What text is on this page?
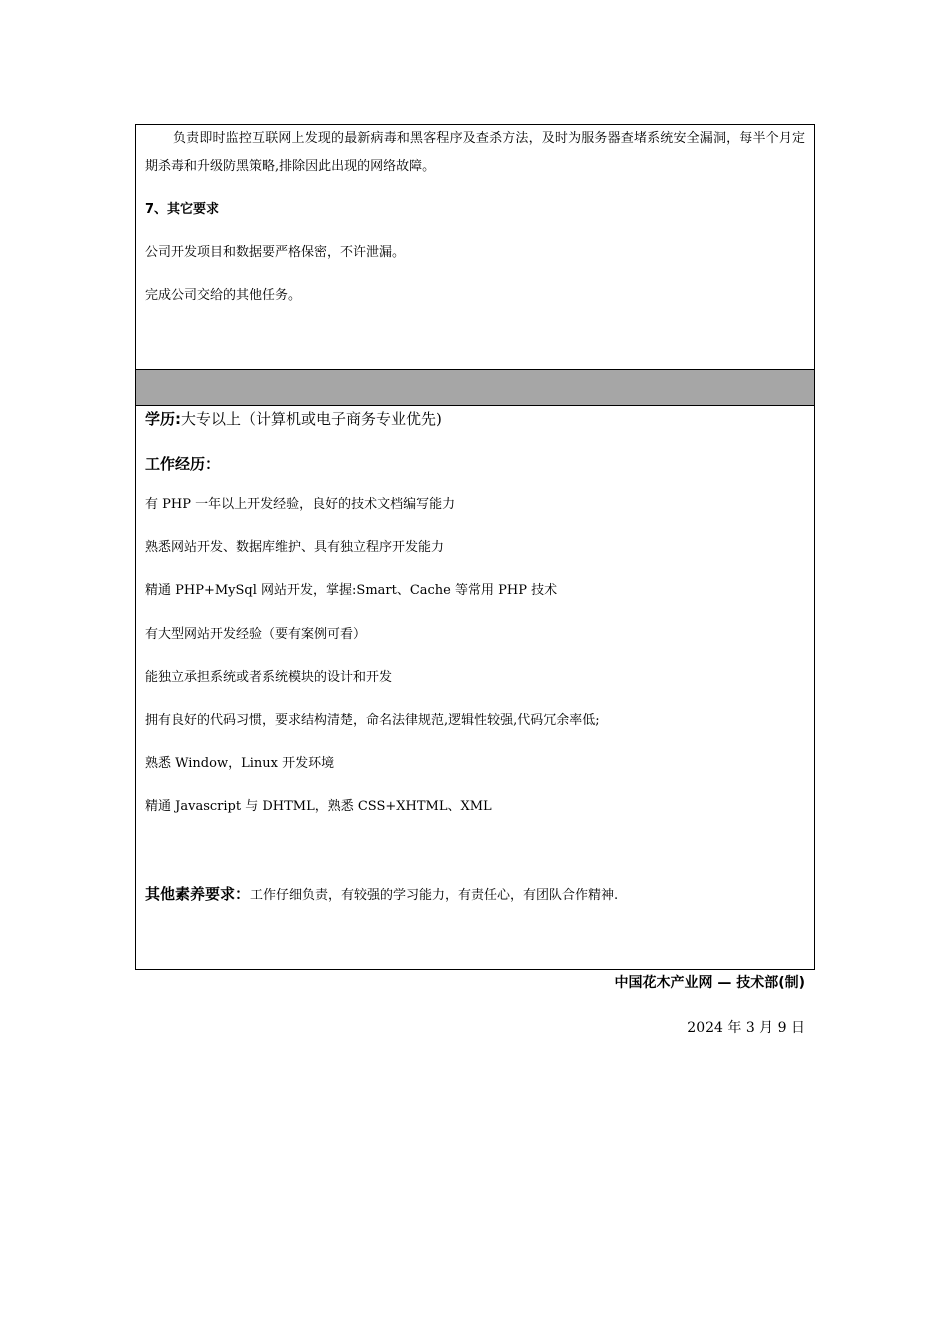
负责即时监控互联网上发现的最新病毒和黑客程序及查杀方法，及时为服务器查堵系统安全漏洞，每半个月定期杀毒和升级防黑策略,排除因此出现的网络故障。
7、其它要求
公司开发项目和数据要严格保密，不许泄漏。
完成公司交给的其他任务。
学历:大专以上（计算机或电子商务专业优先)
工作经历：
有 PHP 一年以上开发经验，良好的技术文档编写能力
熟悉网站开发、数据库维护、具有独立程序开发能力
精通 PHP+MySql 网站开发，掌握:Smart、Cache 等常用 PHP 技术
有大型网站开发经验（要有案例可看）
能独立承担系统或者系统模块的设计和开发
拥有良好的代码习惯，要求结构清楚，命名法律规范,逻辑性较强,代码冗余率低;
熟悉 Window，Linux 开发环境
精通 Javascript 与 DHTML，熟悉 CSS+XHTML、XML
其他素养要求：工作仔细负责，有较强的学习能力，有责任心，有团队合作精神.
中国花木产业网 — 技术部(制)
2024 年 3 月 9 日
